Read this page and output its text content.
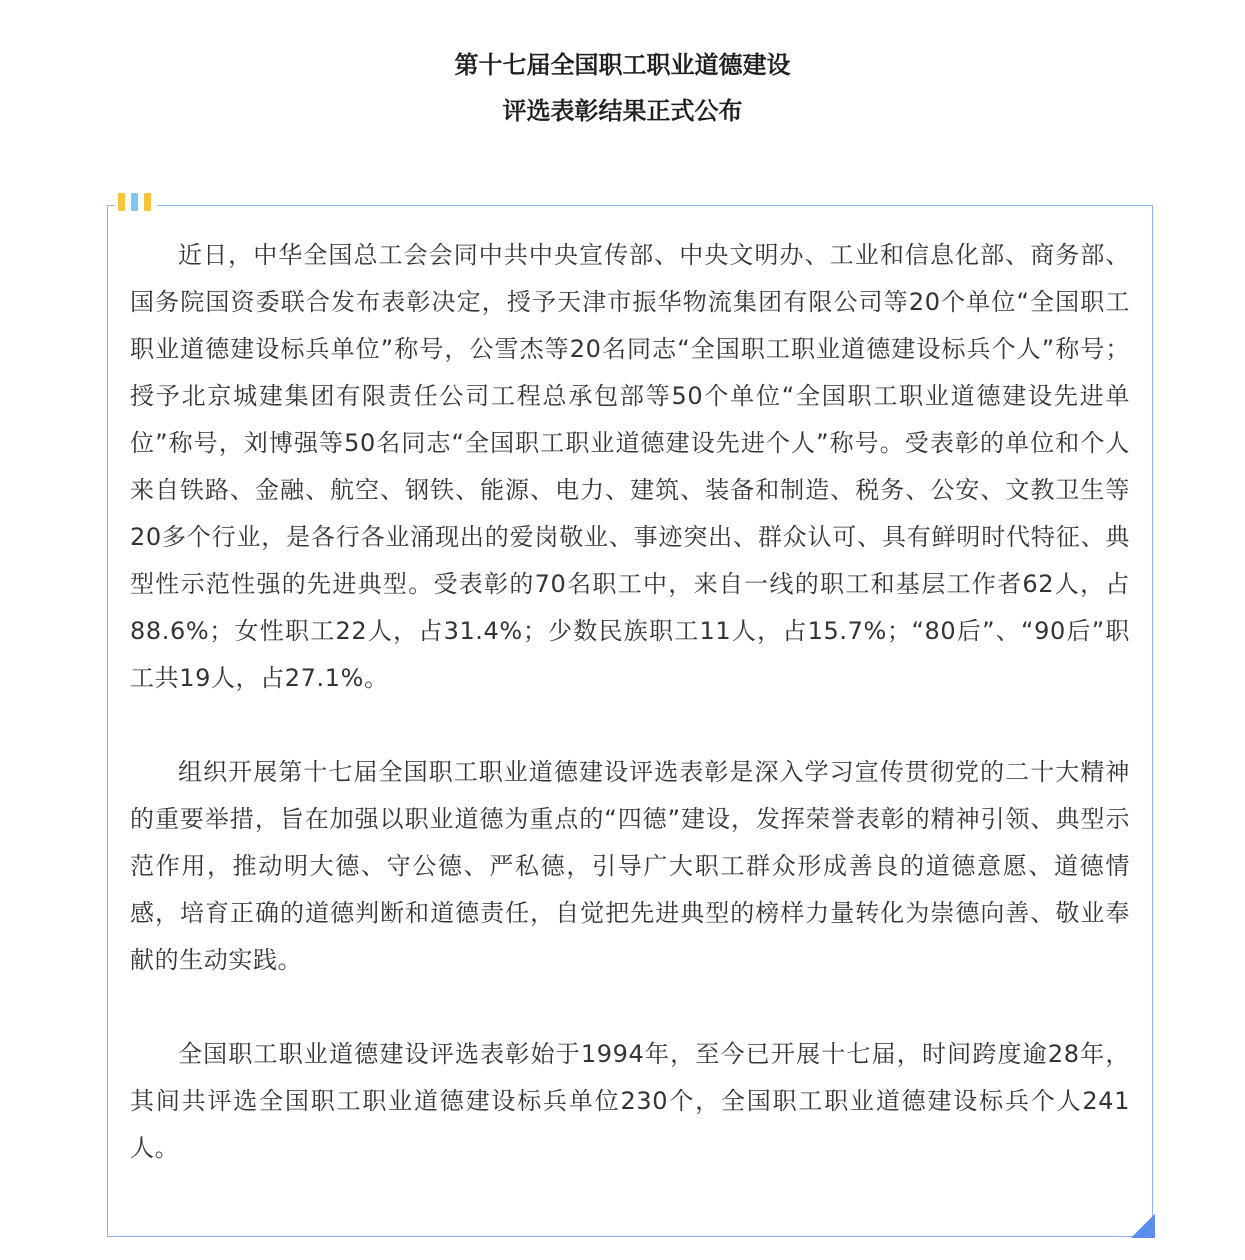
第十七届全国职工职业道德建设
评选表彰结果正式公布

近日，中华全国总工会会同中共中央宣传部、中央文明办、工业和信息化部、商务部、国务院国资委联合发布表彰决定，授予天津市振华物流集团有限公司等20个单位“全国职工职业道德建设标兵单位”称号，公雪杰等20名同志“全国职工职业道德建设标兵个人”称号；授予北京城建集团有限责任公司工程总承包部等50个单位“全国职工职业道德建设先进单位”称号，刘博强等50名同志“全国职工职业道德建设先进个人”称号。受表彰的单位和个人来自铁路、金融、航空、钢铁、能源、电力、建筑、装备和制造、税务、公安、文教卫生等20多个行业，是各行各业涌现出的爱岗敬业、事迹突出、群众认可、具有鲜明时代特征、典型性示范性强的先进典型。受表彰的70名职工中，来自一线的职工和基层工作者62人，占88.6%；女性职工22人，占31.4%；少数民族职工11人，占15.7%；“80后”、“90后”职工共19人，占27.1%。

组织开展第十七届全国职工职业道德建设评选表彰是深入学习宣传贯彻党的二十大精神的重要举措，旨在加强以职业道德为重点的“四德”建设，发挥荣誉表彰的精神引领、典型示范作用，推动明大德、守公德、严私德，引导广大职工群众形成善良的道德意愿、道德情感，培育正确的道德判断和道德责任，自觉把先进典型的榜样力量转化为崇德向善、敬业奉献的生动实践。

全国职工职业道德建设评选表彰始于1994年，至今已开展十七届，时间跨度逾28年，其间共评选全国职工职业道德建设标兵单位230个，全国职工职业道德建设标兵个人241人。
